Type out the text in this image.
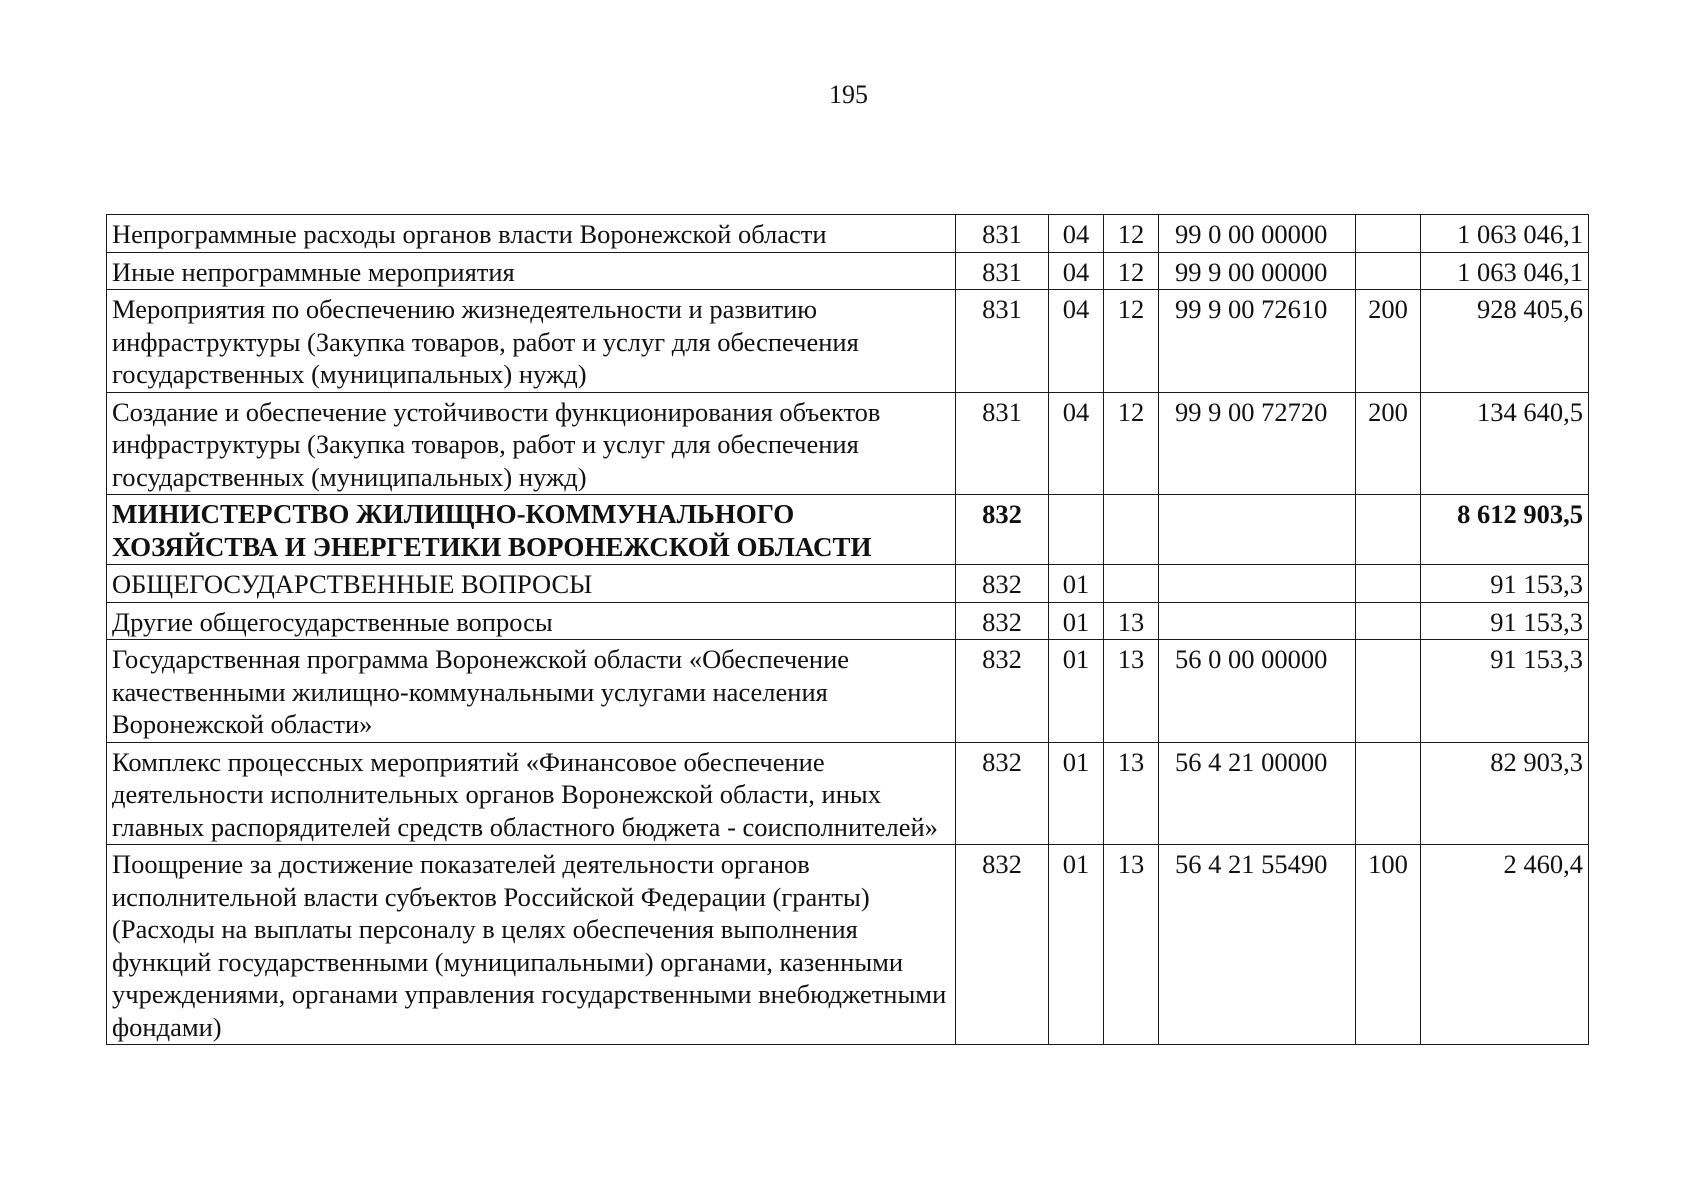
195
Непрограммные расходы органов власти Воронежской области	831	04	12	99 0 00 00000		1 063 046,1
Иные непрограммные мероприятия	831	04	12	99 9 00 00000		1 063 046,1
Мероприятия по обеспечению жизнедеятельности и развитию инфраструктуры (Закупка товаров, работ и услуг для обеспечения государственных (муниципальных) нужд)	831	04	12	99 9 00 72610	200	928 405,6
Создание и обеспечение устойчивости функционирования объектов инфраструктуры (Закупка товаров, работ и услуг для обеспечения государственных (муниципальных) нужд)	831	04	12	99 9 00 72720	200	134 640,5
МИНИСТЕРСТВО ЖИЛИЩНО-КОММУНАЛЬНОГО ХОЗЯЙСТВА И ЭНЕРГЕТИКИ ВОРОНЕЖСКОЙ ОБЛАСТИ	832					8 612 903,5
ОБЩЕГОСУДАРСТВЕННЫЕ ВОПРОСЫ	832	01				91 153,3
Другие общегосударственные вопросы	832	01	13			91 153,3
Государственная программа Воронежской области «Обеспечение качественными жилищно-коммунальными услугами населения Воронежской области»	832	01	13	56 0 00 00000		91 153,3
Комплекс процессных мероприятий «Финансовое обеспечение деятельности исполнительных органов Воронежской области, иных главных распорядителей средств областного бюджета - соисполнителей»	832	01	13	56 4 21 00000		82 903,3
Поощрение за достижение показателей деятельности органов исполнительной власти субъектов Российской Федерации (гранты) (Расходы на выплаты персоналу в целях обеспечения выполнения функций государственными (муниципальными) органами, казенными учреждениями, органами управления государственными внебюджетными фондами)	832	01	13	56 4 21 55490	100	2 460,4
